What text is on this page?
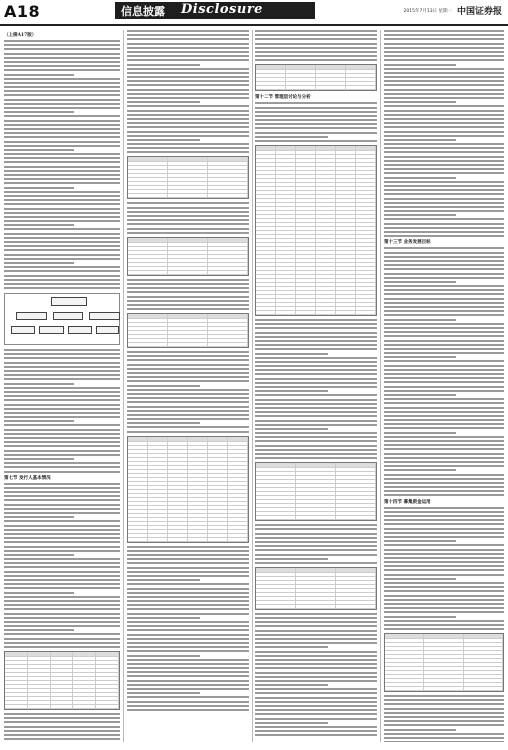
A18	信息披露 Disclosure	2015年7月13日 星期一 中国证券报
（上接A17版）
第七节 发行人基本情况
第十二节 管理层讨论与分析
第十三节 业务发展目标
第十四节 募集资金运用
